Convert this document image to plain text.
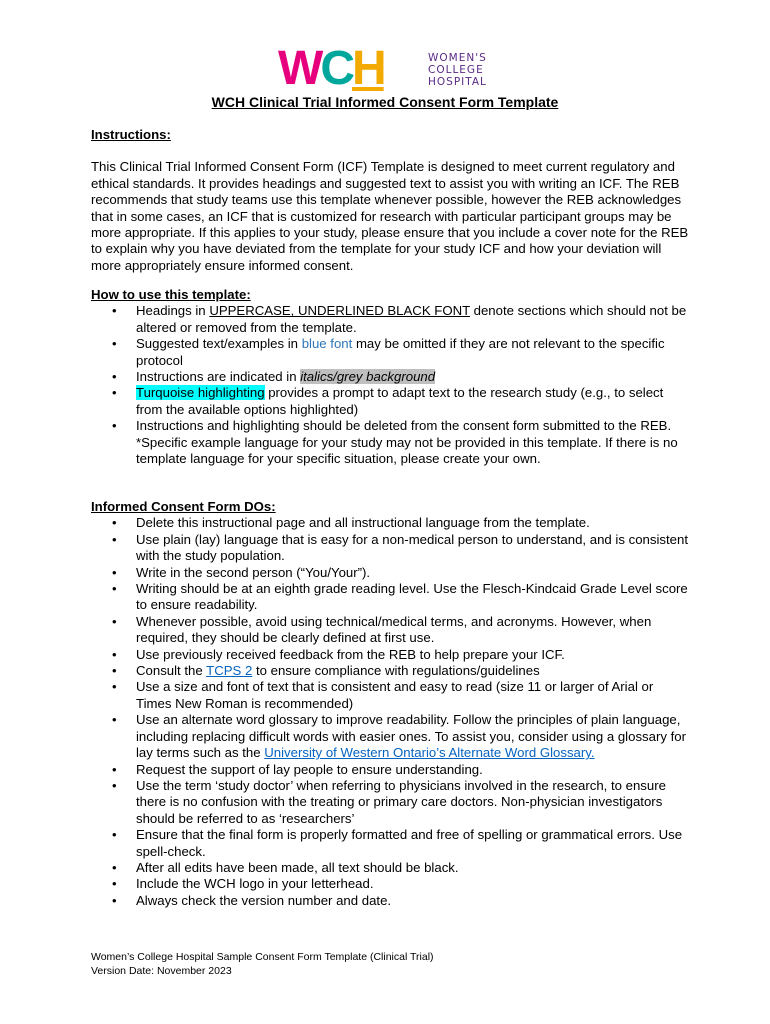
WCH	WOMEN'S
COLLEGE
HOSPITAL
WCH Clinical Trial Informed Consent Form Template
Instructions:
This Clinical Trial Informed Consent Form (ICF) Template is designed to meet current regulatory and ethical standards. It provides headings and suggested text to assist you with writing an ICF. The REB recommends that study teams use this template whenever possible, however the REB acknowledges that in some cases, an ICF that is customized for research with particular participant groups may be more appropriate. If this applies to your study, please ensure that you include a cover note for the REB to explain why you have deviated from the template for your study ICF and how your deviation will more appropriately ensure informed consent.
How to use this template:
• Headings in UPPERCASE, UNDERLINED BLACK FONT denote sections which should not be altered or removed from the template.
• Suggested text/examples in blue font may be omitted if they are not relevant to the specific protocol
• Instructions are indicated in italics/grey background
• Turquoise highlighting provides a prompt to adapt text to the research study (e.g., to select from the available options highlighted)
• Instructions and highlighting should be deleted from the consent form submitted to the REB.
*Specific example language for your study may not be provided in this template. If there is no template language for your specific situation, please create your own.
Informed Consent Form DOs:
• Delete this instructional page and all instructional language from the template.
• Use plain (lay) language that is easy for a non-medical person to understand, and is consistent with the study population.
• Write in the second person (“You/Your”).
• Writing should be at an eighth grade reading level. Use the Flesch-Kindcaid Grade Level score to ensure readability.
• Whenever possible, avoid using technical/medical terms, and acronyms. However, when required, they should be clearly defined at first use.
• Use previously received feedback from the REB to help prepare your ICF.
• Consult the TCPS 2 to ensure compliance with regulations/guidelines
• Use a size and font of text that is consistent and easy to read (size 11 or larger of Arial or Times New Roman is recommended)
• Use an alternate word glossary to improve readability. Follow the principles of plain language, including replacing difficult words with easier ones. To assist you, consider using a glossary for lay terms such as the University of Western Ontario’s Alternate Word Glossary.
• Request the support of lay people to ensure understanding.
• Use the term ‘study doctor’ when referring to physicians involved in the research, to ensure there is no confusion with the treating or primary care doctors. Non-physician investigators should be referred to as ‘researchers’
• Ensure that the final form is properly formatted and free of spelling or grammatical errors. Use spell-check.
• After all edits have been made, all text should be black.
• Include the WCH logo in your letterhead.
• Always check the version number and date.
Women’s College Hospital Sample Consent Form Template (Clinical Trial)
Version Date: November 2023
